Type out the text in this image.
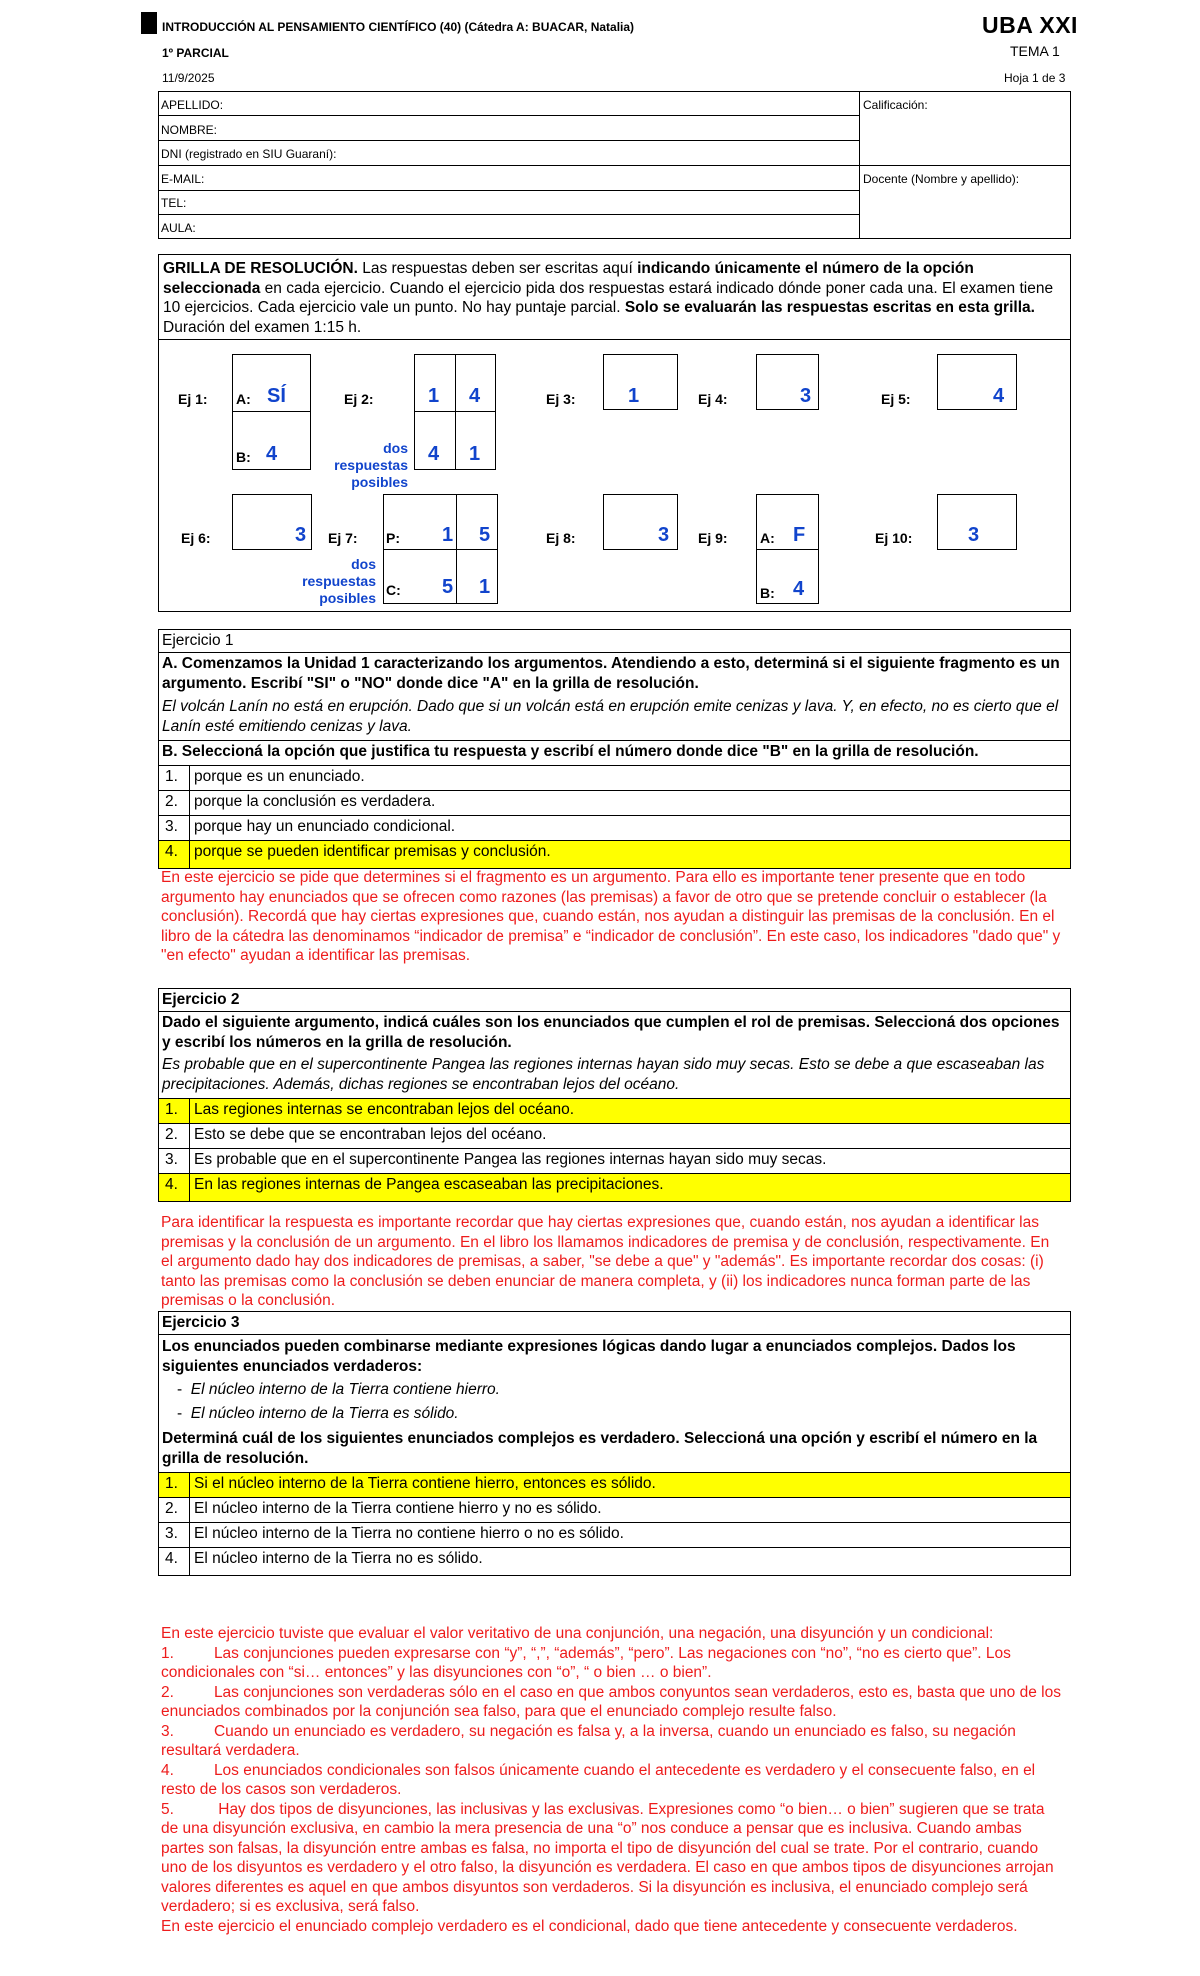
INTRODUCCIÓN AL PENSAMIENTO CIENTÍFICO (40) (Cátedra A: BUACAR, Natalia)
1º PARCIAL
11/9/2025
UBA XXI
TEMA 1
Hoja 1 de 3
APELLIDO:
NOMBRE:
DNI (registrado en SIU Guaraní):
E-MAIL:
TEL:
AULA:
Calificación:
Docente (Nombre y apellido):
GRILLA DE RESOLUCIÓN. Las respuestas deben ser escritas aquí indicando únicamente el número de la opción seleccionada en cada ejercicio. Cuando el ejercicio pida dos respuestas estará indicado dónde poner cada una. El examen tiene 10 ejercicios. Cada ejercicio vale un punto. No hay puntaje parcial. Solo se evaluarán las respuestas escritas en esta grilla. Duración del examen 1:15 h.
Ej 1: A: SÍ
B: 4
Ej 2:	1 4
4 1
dos
respuestas
posibles
Ej 3:	1	Ej 4:	3	Ej 5:	4
Ej 6:	3 Ej 7: P: 1 5
C: 5 1
dos
respuestas
posibles
Ej 8:	3 Ej 9: A: F
B: 4
Ej 10:	3
Ejercicio 1
A. Comenzamos la Unidad 1 caracterizando los argumentos. Atendiendo a esto, determiná si el siguiente fragmento es un argumento. Escribí "SI" o "NO" donde dice "A" en la grilla de resolución.
El volcán Lanín no está en erupción. Dado que si un volcán está en erupción emite cenizas y lava. Y, en efecto, no es cierto que el Lanín esté emitiendo cenizas y lava.
B. Seleccioná la opción que justifica tu respuesta y escribí el número donde dice "B" en la grilla de resolución.
1. porque es un enunciado.
2. porque la conclusión es verdadera.
3. porque hay un enunciado condicional.
4. porque se pueden identificar premisas y conclusión.
En este ejercicio se pide que determines si el fragmento es un argumento. Para ello es importante tener presente que en todo argumento hay enunciados que se ofrecen como razones (las premisas) a favor de otro que se pretende concluir o establecer (la conclusión). Recordá que hay ciertas expresiones que, cuando están, nos ayudan a distinguir las premisas de la conclusión. En el libro de la cátedra las denominamos “indicador de premisa” e “indicador de conclusión”. En este caso, los indicadores "dado que" y "en efecto" ayudan a identificar las premisas.
Ejercicio 2
Dado el siguiente argumento, indicá cuáles son los enunciados que cumplen el rol de premisas. Seleccioná dos opciones y escribí los números en la grilla de resolución.
Es probable que en el supercontinente Pangea las regiones internas hayan sido muy secas. Esto se debe a que escaseaban las precipitaciones. Además, dichas regiones se encontraban lejos del océano.
1. Las regiones internas se encontraban lejos del océano.
2. Esto se debe que se encontraban lejos del océano.
3. Es probable que en el supercontinente Pangea las regiones internas hayan sido muy secas.
4. En las regiones internas de Pangea escaseaban las precipitaciones.
Para identificar la respuesta es importante recordar que hay ciertas expresiones que, cuando están, nos ayudan a identificar las premisas y la conclusión de un argumento. En el libro los llamamos indicadores de premisa y de conclusión, respectivamente. En el argumento dado hay dos indicadores de premisas, a saber, "se debe a que" y "además". Es importante recordar dos cosas: (i) tanto las premisas como la conclusión se deben enunciar de manera completa, y (ii) los indicadores nunca forman parte de las premisas o la conclusión.
Ejercicio 3
Los enunciados pueden combinarse mediante expresiones lógicas dando lugar a enunciados complejos. Dados los siguientes enunciados verdaderos:
- El núcleo interno de la Tierra contiene hierro.
- El núcleo interno de la Tierra es sólido.
Determiná cuál de los siguientes enunciados complejos es verdadero. Seleccioná una opción y escribí el número en la grilla de resolución.
1. Si el núcleo interno de la Tierra contiene hierro, entonces es sólido.
2. El núcleo interno de la Tierra contiene hierro y no es sólido.
3. El núcleo interno de la Tierra no contiene hierro o no es sólido.
4. El núcleo interno de la Tierra no es sólido.
En este ejercicio tuviste que evaluar el valor veritativo de una conjunción, una negación, una disyunción y un condicional:
1.	Las conjunciones pueden expresarse con “y”, “,”, “además”, “pero”. Las negaciones con “no”, “no es cierto que”. Los condicionales con “si… entonces” y las disyunciones con “o”, “ o bien … o bien”.
2.	Las conjunciones son verdaderas sólo en el caso en que ambos conyuntos sean verdaderos, esto es, basta que uno de los enunciados combinados por la conjunción sea falso, para que el enunciado complejo resulte falso.
3.	Cuando un enunciado es verdadero, su negación es falsa y, a la inversa, cuando un enunciado es falso, su negación resultará verdadera.
4.	Los enunciados condicionales son falsos únicamente cuando el antecedente es verdadero y el consecuente falso, en el resto de los casos son verdaderos.
5.	Hay dos tipos de disyunciones, las inclusivas y las exclusivas. Expresiones como “o bien… o bien” sugieren que se trata de una disyunción exclusiva, en cambio la mera presencia de una “o” nos conduce a pensar que es inclusiva. Cuando ambas partes son falsas, la disyunción entre ambas es falsa, no importa el tipo de disyunción del cual se trate. Por el contrario, cuando uno de los disyuntos es verdadero y el otro falso, la disyunción es verdadera. El caso en que ambos tipos de disyunciones arrojan valores diferentes es aquel en que ambos disyuntos son verdaderos. Si la disyunción es inclusiva, el enunciado complejo será verdadero; si es exclusiva, será falso.
En este ejercicio el enunciado complejo verdadero es el condicional, dado que tiene antecedente y consecuente verdaderos.
